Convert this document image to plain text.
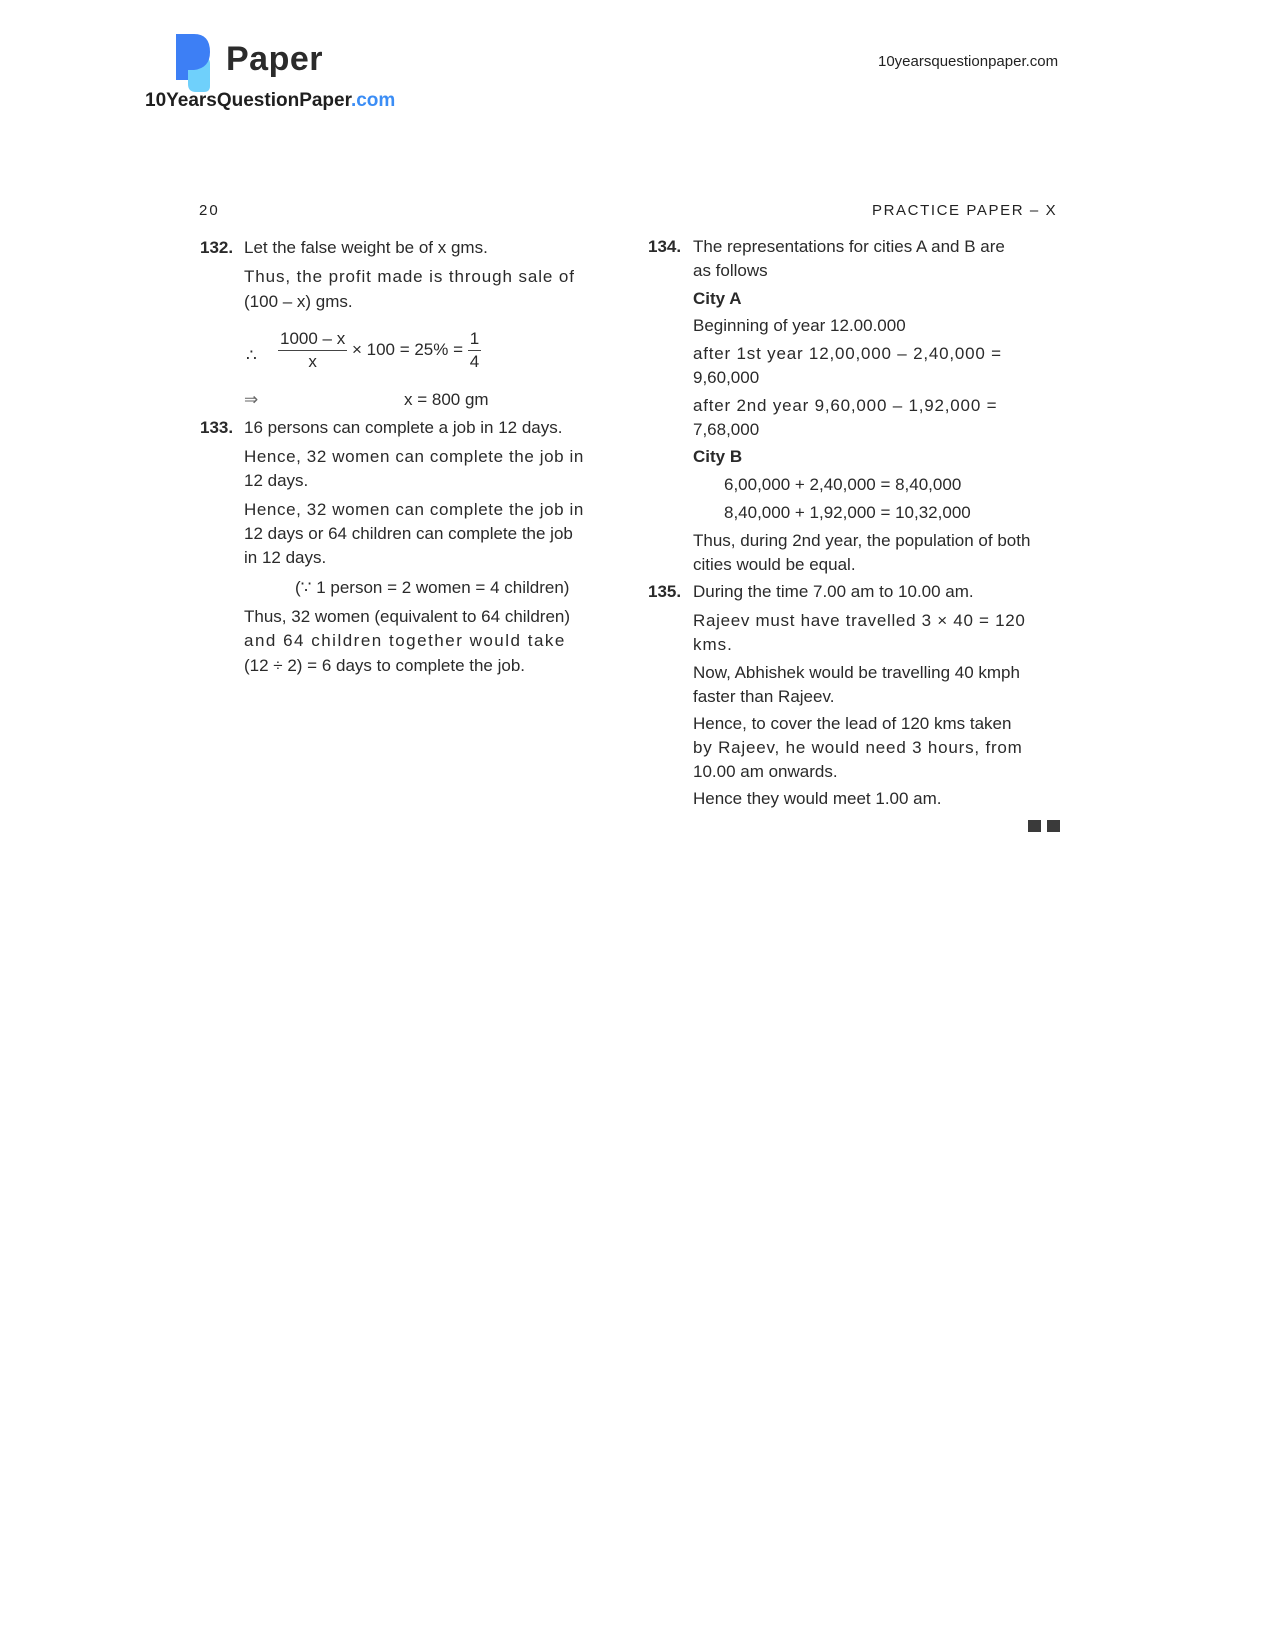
Paper
10YearsQuestionPaper.com
10yearsquestionpaper.com
20	PRACTICE PAPER – X
132. Let the false weight be of x gms.
Thus, the profit made is through sale of
(100 – x) gms.
∴ $\frac{1000 - x}{x} \times 100 = 25\% = \frac{1}{4}$
⇒	x = 800 gm
133. 16 persons can complete a job in 12 days.
Hence, 32 women can complete the job in
12 days.
Hence, 32 women can complete the job in
12 days or 64 children can complete the job
in 12 days.
(∵ 1 person = 2 women = 4 children)
Thus, 32 women (equivalent to 64 children)
and 64 children together would take
(12 ÷ 2) = 6 days to complete the job.
134. The representations for cities A and B are
as follows
City A
Beginning of year 12.00.000
after 1st year 12,00,000 – 2,40,000 =
9,60,000
after 2nd year 9,60,000 – 1,92,000 =
7,68,000
City B
6,00,000 + 2,40,000 = 8,40,000
8,40,000 + 1,92,000 = 10,32,000
Thus, during 2nd year, the population of both
cities would be equal.
135. During the time 7.00 am to 10.00 am.
Rajeev must have travelled 3 × 40 = 120
kms.
Now, Abhishek would be travelling 40 kmph
faster than Rajeev.
Hence, to cover the lead of 120 kms taken
by Rajeev, he would need 3 hours, from
10.00 am onwards.
Hence they would meet 1.00 am.
